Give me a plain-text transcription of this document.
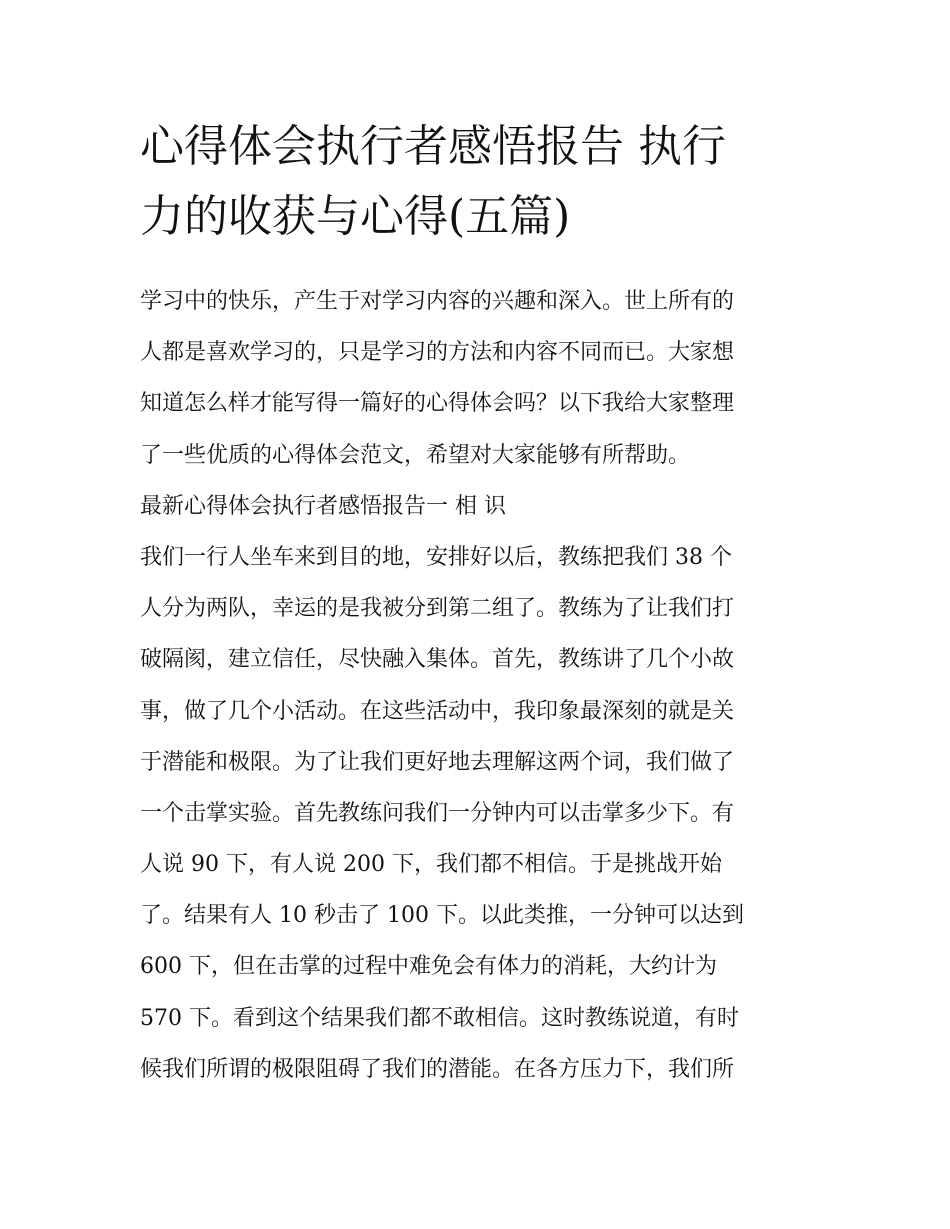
心得体会执行者感悟报告 执行
力的收获与心得(五篇)
学习中的快乐，产生于对学习内容的兴趣和深入。世上所有的
人都是喜欢学习的，只是学习的方法和内容不同而已。大家想
知道怎么样才能写得一篇好的心得体会吗？以下我给大家整理
了一些优质的心得体会范文，希望对大家能够有所帮助。
最新心得体会执行者感悟报告一 相 识
我们一行人坐车来到目的地，安排好以后，教练把我们 38 个
人分为两队，幸运的是我被分到第二组了。教练为了让我们打
破隔阂，建立信任，尽快融入集体。首先，教练讲了几个小故
事，做了几个小活动。在这些活动中，我印象最深刻的就是关
于潜能和极限。为了让我们更好地去理解这两个词，我们做了
一个击掌实验。首先教练问我们一分钟内可以击掌多少下。有
人说 90 下，有人说 200 下，我们都不相信。于是挑战开始
了。结果有人 10 秒击了 100 下。以此类推，一分钟可以达到
600 下，但在击掌的过程中难免会有体力的消耗，大约计为
570 下。看到这个结果我们都不敢相信。这时教练说道，有时
候我们所谓的极限阻碍了我们的潜能。在各方压力下，我们所
